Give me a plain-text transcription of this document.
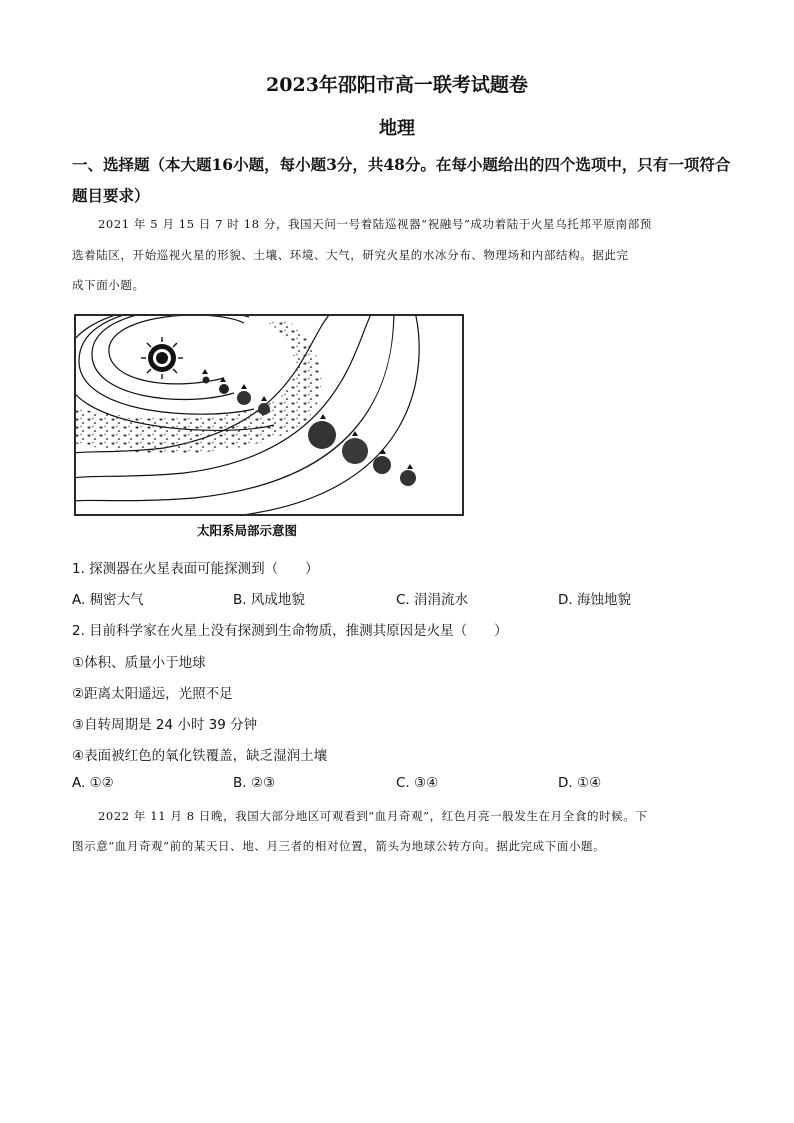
2023年邵阳市高一联考试题卷
地理
一、选择题（本大题16小题，每小题3分，共48分。在每小题给出的四个选项中，只有一项符合题目要求）
2021 年 5 月 15 日 7 时 18 分，我国天问一号着陆巡视器“祝融号”成功着陆于火星乌托邦平原南部预
选着陆区，开始巡视火星的形貌、土壤、环境、大气，研究火星的水冰分布、物理场和内部结构。据此完
成下面小题。
太阳系局部示意图
1. 探测器在火星表面可能探测到（　　）
A. 稠密大气	B. 风成地貌	C. 涓涓流水	D. 海蚀地貌
2. 目前科学家在火星上没有探测到生命物质，推测其原因是火星（　　）
①体积、质量小于地球
②距离太阳遥远，光照不足
③自转周期是 24 小时 39 分钟
④表面被红色的氧化铁覆盖，缺乏湿润土壤
A. ①②	B. ②③	C. ③④	D. ①④
2022 年 11 月 8 日晚，我国大部分地区可观看到“血月奇观”，红色月亮一般发生在月全食的时候。下
图示意“血月奇观”前的某天日、地、月三者的相对位置，箭头为地球公转方向。据此完成下面小题。
